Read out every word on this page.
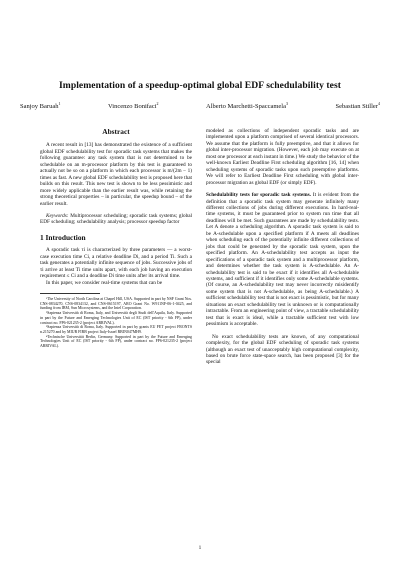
Implementation of a speedup-optimal global EDF schedulability test
Sanjoy Baruah$^1$	Vincenzo Bonifaci$^2$	Alberto Marchetti-Spaccamela$^3$	Sebastian Stiller$^4$
Abstract

A recent result in [13] has demonstrated the existence of a sufficient global EDF schedulability test for sporadic task systems that makes the following guarantee: any task system that is not determined to be schedulable on an m-processor platform by this test is guaranteed to actually not be so on a platform in which each processor is m/(2m − 1) times as fast. A new global EDF schedulability test is proposed here that builds on this result. This new test is shown to be less pessimistic and more widely applicable than the earlier result was, while retaining the strong theoretical properties – in particular, the speedup bound – of the earlier result.

Keywords: Multiprocessor scheduling; sporadic task systems; global EDF scheduling; schedulability analysis; processor speedup factor

1 Introduction

A sporadic task τi is characterized by three parameters — a worst-case execution time Ci, a relative deadline Di, and a period Ti. Such a task generates a potentially infinite sequence of jobs. Successive jobs of τi arrive at least Ti time units apart, with each job having an execution requirement ≤ Ci and a deadline Di time units after its arrival time.

In this paper, we consider real-time systems that can be

¹The University of North Carolina at Chapel Hill, USA. Supported in part by NSF Grant Nos. CNS-0834270, CNS-0834132, and CNS-0615197, ARO Grant No. W911NF-06-1-0425, and funding from IBM, Sun Microsystems, and the Intel Corporation.

²Sapienza Università di Roma, Italy, and Università degli Studi dell'Aquila, Italy. Supported in part by the Future and Emerging Technologies Unit of EC (IST priority - 6th FP), under contract no. FP6-021235-2 (project ARRIVAL).

³Sapienza Università di Roma, Italy. Supported in part by grants EU FET project FRONTS n.215270 and by MIUR FIRB project Italy-Israel RBIN047MH9.

⁴Technische Universität Berlin, Germany. Supported in part by the Future and Emerging Technologies Unit of EC (IST priority - 6th FP), under contract no. FP6-021235-2 (project ARRIVAL).

modeled as collections of independent sporadic tasks and are implemented upon a platform comprised of several identical processors. We assume that the platform is fully preemptive, and that it allows for global inter-processor migration. (However, each job may execute on at most one processor at each instant in time.) We study the behavior of the well-known Earliest Deadline First scheduling algorithm [16, 14] when scheduling systems of sporadic tasks upon such preemptive platforms. We will refer to Earliest Deadline First scheduling with global inter-processor migration as global EDF (or simply EDF).

Schedulability tests for sporadic task systems. It is evident from the definition that a sporadic task system may generate infinitely many different collections of jobs during different executions. In hard-real-time systems, it must be guaranteed prior to system run time that all deadlines will be met. Such guarantees are made by schedulability tests. Let A denote a scheduling algorithm. A sporadic task system is said to be A-schedulable upon a specified platform if A meets all deadlines when scheduling each of the potentially infinite different collections of jobs that could be generated by the sporadic task system, upon the specified platform. An A-schedulability test accepts as input the specifications of a sporadic task system and a multiprocessor platform, and determines whether the task system is A-schedulable. An A-schedulability test is said to be exact if it identifies all A-schedulable systems, and sufficient if it identifies only some A-schedulable systems. (Of course, an A-schedulability test may never incorrectly misidentify some system that is not A-schedulable, as being A-schedulable.) A sufficient schedulability test that is not exact is pessimistic, but for many situations an exact schedulability test is unknown or is computationally intractable. From an engineering point of view, a tractable schedulability test that is exact is ideal, while a tractable sufficient test with low pessimism is acceptable.

No exact schedulability tests are known, of any computational complexity, for the global EDF scheduling of sporadic task systems (although an exact test of unacceptably high computational complexity, based on brute force state-space search, has been proposed [3] for the special

1
